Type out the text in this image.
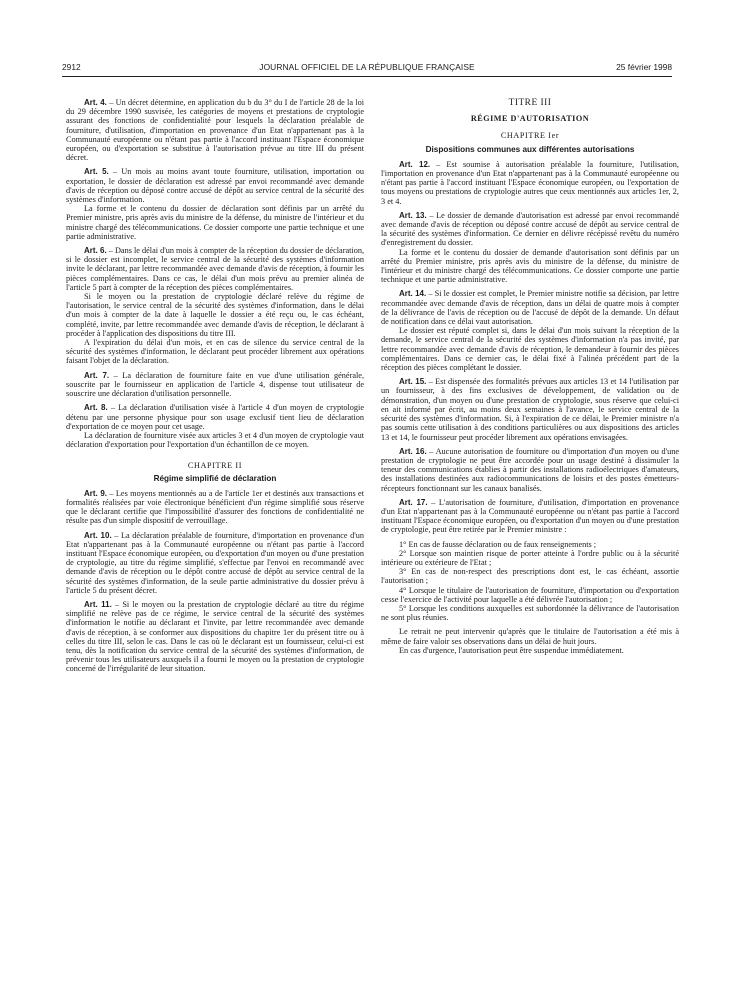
2912	JOURNAL OFFICIEL DE LA RÉPUBLIQUE FRANÇAISE	25 février 1998

Art. 4. – Un décret détermine, en application du b du 3° du I de l'article 28 de la loi du 29 décembre 1990 susvisée, les catégories de moyens et prestations de cryptologie assurant des fonctions de confidentialité pour lesquels la déclaration préalable de fourniture, d'utilisation, d'importation en provenance d'un Etat n'appartenant pas à la Communauté européenne ou n'étant pas partie à l'accord instituant l'Espace économique européen, ou d'exportation se substitue à l'autorisation prévue au titre III du présent décret.

Art. 5. – Un mois au moins avant toute fourniture, utilisation, importation ou exportation, le dossier de déclaration est adressé par envoi recommandé avec demande d'avis de réception ou déposé contre accusé de dépôt au service central de la sécurité des systèmes d'information.

La forme et le contenu du dossier de déclaration sont définis par un arrêté du Premier ministre, pris après avis du ministre de la défense, du ministre de l'intérieur et du ministre chargé des télécommunications. Ce dossier comporte une partie technique et une partie administrative.

Art. 6. – Dans le délai d'un mois à compter de la réception du dossier de déclaration, si le dossier est incomplet, le service central de la sécurité des systèmes d'information invite le déclarant, par lettre recommandée avec demande d'avis de réception, à fournir les pièces complémentaires. Dans ce cas, le délai d'un mois prévu au premier alinéa de l'article 5 part à compter de la réception des pièces complémentaires.

Si le moyen ou la prestation de cryptologie déclaré relève du régime de l'autorisation, le service central de la sécurité des systèmes d'information, dans le délai d'un mois à compter de la date à laquelle le dossier a été reçu ou, le cas échéant, complété, invite, par lettre recommandée avec demande d'avis de réception, le déclarant à procéder à l'application des dispositions du titre III.

A l'expiration du délai d'un mois, et en cas de silence du service central de la sécurité des systèmes d'information, le déclarant peut procéder librement aux opérations faisant l'objet de la déclaration.

Art. 7. – La déclaration de fourniture faite en vue d'une utilisation générale, souscrite par le fournisseur en application de l'article 4, dispense tout utilisateur de souscrire une déclaration d'utilisation personnelle.

Art. 8. – La déclaration d'utilisation visée à l'article 4 d'un moyen de cryptologie détenu par une personne physique pour son usage exclusif tient lieu de déclaration d'exportation de ce moyen pour cet usage.

La déclaration de fourniture visée aux articles 3 et 4 d'un moyen de cryptologie vaut déclaration d'exportation pour l'exportation d'un échantillon de ce moyen.

CHAPITRE II

Régime simplifié de déclaration

Art. 9. – Les moyens mentionnés au a de l'article 1er et destinés aux transactions et formalités réalisées par voie électronique bénéficient d'un régime simplifié sous réserve que le déclarant certifie que l'impossibilité d'assurer des fonctions de confidentialité ne résulte pas d'un simple dispositif de verrouillage.

Art. 10. – La déclaration préalable de fourniture, d'importation en provenance d'un Etat n'appartenant pas à la Communauté européenne ou n'étant pas partie à l'accord instituant l'Espace économique européen, ou d'exportation d'un moyen ou d'une prestation de cryptologie, au titre du régime simplifié, s'effectue par l'envoi en recommandé avec demande d'avis de réception ou le dépôt contre accusé de dépôt au service central de la sécurité des systèmes d'information, de la seule partie administrative du dossier prévu à l'article 5 du présent décret.

Art. 11. – Si le moyen ou la prestation de cryptologie déclaré au titre du régime simplifié ne relève pas de ce régime, le service central de la sécurité des systèmes d'information le notifie au déclarant et l'invite, par lettre recommandée avec demande d'avis de réception, à se conformer aux dispositions du chapitre 1er du présent titre ou à celles du titre III, selon le cas. Dans le cas où le déclarant est un fournisseur, celui-ci est tenu, dès la notification du service central de la sécurité des systèmes d'information, de prévenir tous les utilisateurs auxquels il a fourni le moyen ou la prestation de cryptologie concerné de l'irrégularité de leur situation.

TITRE III

RÉGIME D'AUTORISATION

CHAPITRE Ier

Dispositions communes aux différentes autorisations

Art. 12. – Est soumise à autorisation préalable la fourniture, l'utilisation, l'importation en provenance d'un Etat n'appartenant pas à la Communauté européenne ou n'étant pas partie à l'accord instituant l'Espace économique européen, ou l'exportation de tous moyens ou prestations de cryptologie autres que ceux mentionnés aux articles 1er, 2, 3 et 4.

Art. 13. – Le dossier de demande d'autorisation est adressé par envoi recommandé avec demande d'avis de réception ou déposé contre accusé de dépôt au service central de la sécurité des systèmes d'information. Ce dernier en délivre récépissé revêtu du numéro d'enregistrement du dossier.

La forme et le contenu du dossier de demande d'autorisation sont définis par un arrêté du Premier ministre, pris après avis du ministre de la défense, du ministre de l'intérieur et du ministre chargé des télécommunications. Ce dossier comporte une partie technique et une partie administrative.

Art. 14. – Si le dossier est complet, le Premier ministre notifie sa décision, par lettre recommandée avec demande d'avis de réception, dans un délai de quatre mois à compter de la délivrance de l'avis de réception ou de l'accusé de dépôt de la demande. Un défaut de notification dans ce délai vaut autorisation.

Le dossier est réputé complet si, dans le délai d'un mois suivant la réception de la demande, le service central de la sécurité des systèmes d'information n'a pas invité, par lettre recommandée avec demande d'avis de réception, le demandeur à fournir des pièces complémentaires. Dans ce dernier cas, le délai fixé à l'alinéa précédent part de la réception des pièces complétant le dossier.

Art. 15. – Est dispensée des formalités prévues aux articles 13 et 14 l'utilisation par un fournisseur, à des fins exclusives de développement, de validation ou de démonstration, d'un moyen ou d'une prestation de cryptologie, sous réserve que celui-ci en ait informé par écrit, au moins deux semaines à l'avance, le service central de la sécurité des systèmes d'information. Si, à l'expiration de ce délai, le Premier ministre n'a pas soumis cette utilisation à des conditions particulières ou aux dispositions des articles 13 et 14, le fournisseur peut procéder librement aux opérations envisagées.

Art. 16. – Aucune autorisation de fourniture ou d'importation d'un moyen ou d'une prestation de cryptologie ne peut être accordée pour un usage destiné à dissimuler la teneur des communications établies à partir des installations radioélectriques d'amateurs, des installations destinées aux radiocommunications de loisirs et des postes émetteurs-récepteurs fonctionnant sur les canaux banalisés.

Art. 17. – L'autorisation de fourniture, d'utilisation, d'importation en provenance d'un Etat n'appartenant pas à la Communauté européenne ou n'étant pas partie à l'accord instituant l'Espace économique européen, ou d'exportation d'un moyen ou d'une prestation de cryptologie, peut être retirée par le Premier ministre :

1° En cas de fausse déclaration ou de faux renseignements ;

2° Lorsque son maintien risque de porter atteinte à l'ordre public ou à la sécurité intérieure ou extérieure de l'Etat ;

3° En cas de non-respect des prescriptions dont est, le cas échéant, assortie l'autorisation ;

4° Lorsque le titulaire de l'autorisation de fourniture, d'importation ou d'exportation cesse l'exercice de l'activité pour laquelle a été délivrée l'autorisation ;

5° Lorsque les conditions auxquelles est subordonnée la délivrance de l'autorisation ne sont plus réunies.

Le retrait ne peut intervenir qu'après que le titulaire de l'autorisation a été mis à même de faire valoir ses observations dans un délai de huit jours.

En cas d'urgence, l'autorisation peut être suspendue immédiatement.
